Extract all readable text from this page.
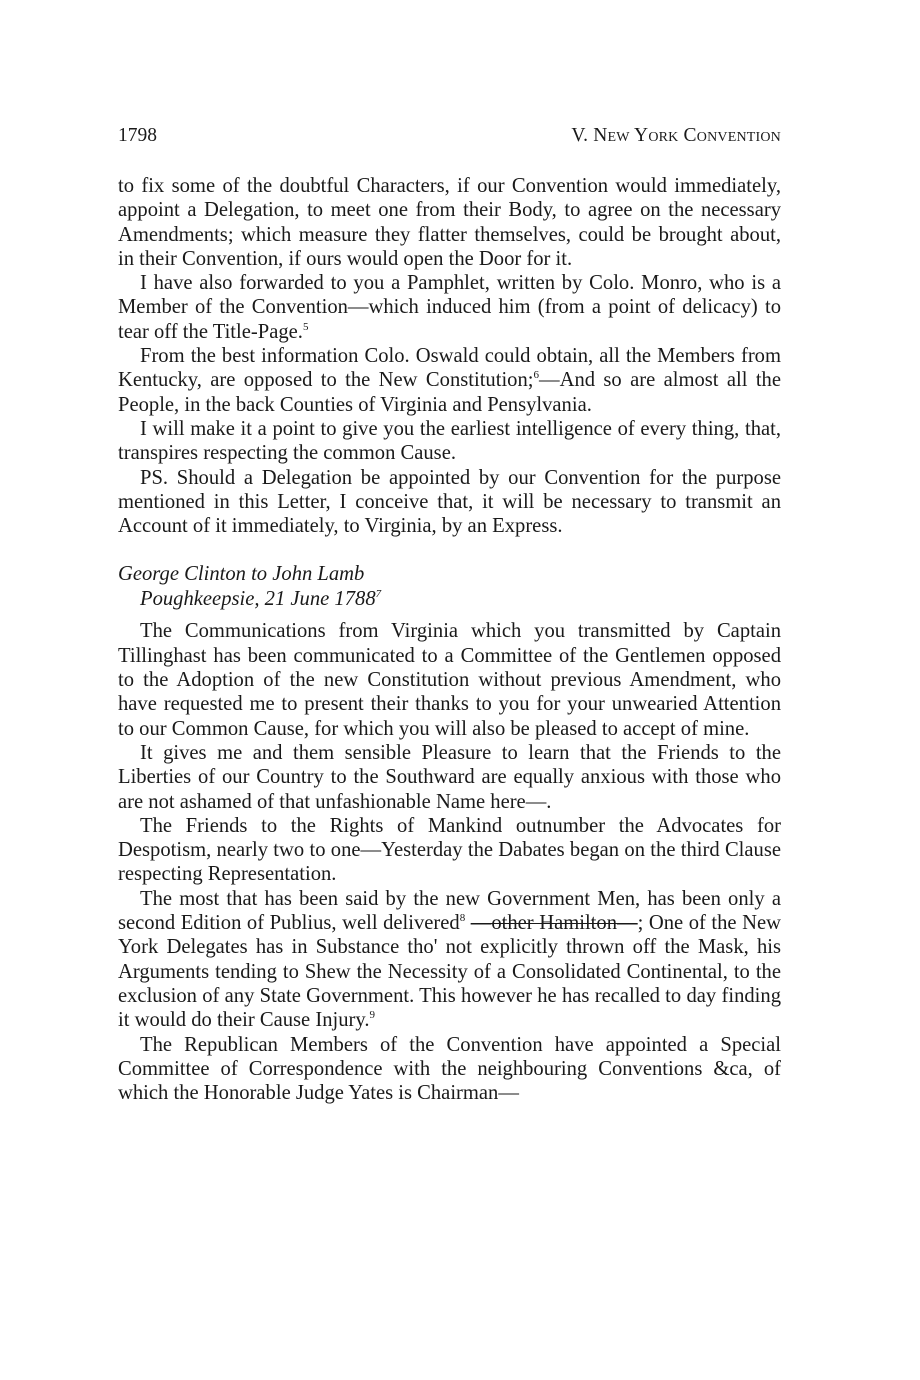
1798	V. New York Convention

to fix some of the doubtful Characters, if our Convention would immediately, appoint a Delegation, to meet one from their Body, to agree on the necessary Amendments; which measure they flatter themselves, could be brought about, in their Convention, if ours would open the Door for it.

I have also forwarded to you a Pamphlet, written by Colo. Monro, who is a Member of the Convention—which induced him (from a point of delicacy) to tear off the Title-Page.$^5$

From the best information Colo. Oswald could obtain, all the Members from Kentucky, are opposed to the New Constitution;$^6$—And so are almost all the People, in the back Counties of Virginia and Pensylvania.

I will make it a point to give you the earliest intelligence of every thing, that, transpires respecting the common Cause.

PS. Should a Delegation be appointed by our Convention for the purpose mentioned in this Letter, I conceive that, it will be necessary to transmit an Account of it immediately, to Virginia, by an Express.

George Clinton to John Lamb
Poughkeepsie, 21 June 1788$^7$

The Communications from Virginia which you transmitted by Captain Tillinghast has been communicated to a Committee of the Gentlemen opposed to the Adoption of the new Constitution without previous Amendment, who have requested me to present their thanks to you for your unwearied Attention to our Common Cause, for which you will also be pleased to accept of mine.

It gives me and them sensible Pleasure to learn that the Friends to the Liberties of our Country to the Southward are equally anxious with those who are not ashamed of that unfashionable Name here—.

The Friends to the Rights of Mankind outnumber the Advocates for Despotism, nearly two to one—Yesterday the Dabates began on the third Clause respecting Representation.

The most that has been said by the new Government Men, has been only a second Edition of Publius, well delivered$^8$ —other Hamilton—; One of the New York Delegates has in Substance tho' not explicitly thrown off the Mask, his Arguments tending to Shew the Necessity of a Consolidated Continental, to the exclusion of any State Government. This however he has recalled to day finding it would do their Cause Injury.$^9$

The Republican Members of the Convention have appointed a Special Committee of Correspondence with the neighbouring Conventions &ca, of which the Honorable Judge Yates is Chairman—
